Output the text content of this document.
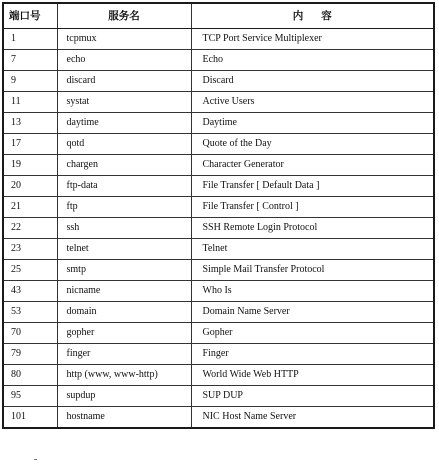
端口号	服务名	内容
1	tcpmux	TCP Port Service Multiplexer
7	echo	Echo
9	discard	Discard
11	systat	Active Users
13	daytime	Daytime
17	qotd	Quote of the Day
19	chargen	Character Generator
20	ftp-data	File Transfer [ Default Data ]
21	ftp	File Transfer [ Control ]
22	ssh	SSH Remote Login Protocol
23	telnet	Telnet
25	smtp	Simple Mail Transfer Protocol
43	nicname	Who Is
53	domain	Domain Name Server
70	gopher	Gopher
79	finger	Finger
80	http (www, www-http)	World Wide Web HTTP
95	supdup	SUP DUP
101	hostname	NIC Host Name Server
